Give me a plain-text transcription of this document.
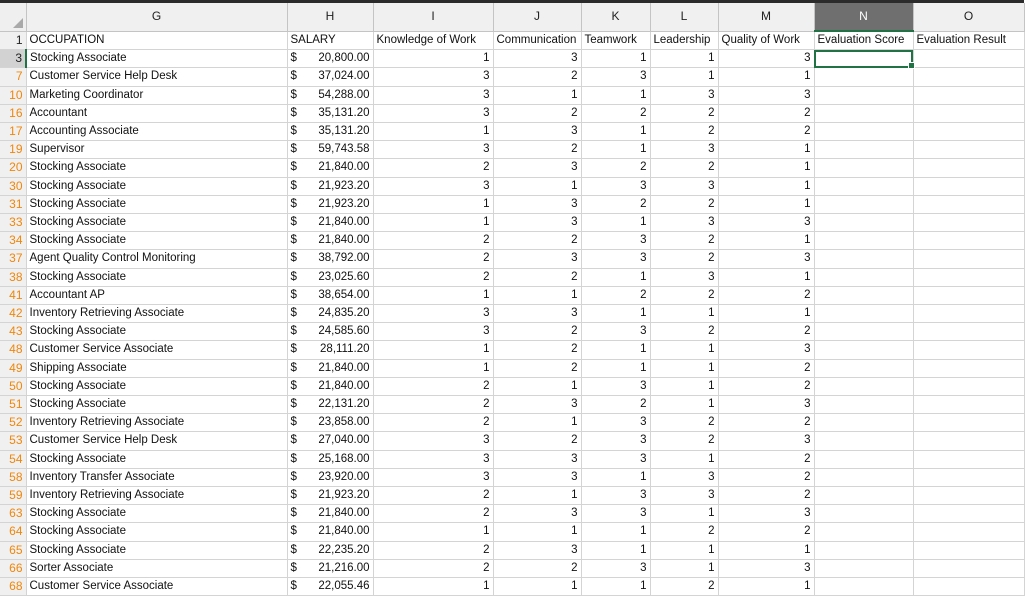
	G	H	I	J	K	L	M	N	O
1	OCCUPATION	SALARY	Knowledge of Work	Communication	Teamwork	Leadership	Quality of Work	Evaluation Score	Evaluation Result
3	Stocking Associate	$ 20,800.00	1	3	1	1	3	

7	Customer Service Help Desk	$ 37,024.00	3	2	3	1	1		
10	Marketing Coordinator	$ 54,288.00	3	1	1	3	3		
16	Accountant	$ 35,131.20	3	2	2	2	2		
17	Accounting Associate	$ 35,131.20	1	3	1	2	2		
19	Supervisor	$ 59,743.58	3	2	1	3	1		
20	Stocking Associate	$ 21,840.00	2	3	2	2	1		
30	Stocking Associate	$ 21,923.20	3	1	3	3	1		
31	Stocking Associate	$ 21,923.20	1	3	2	2	1		
33	Stocking Associate	$ 21,840.00	1	3	1	3	3		
34	Stocking Associate	$ 21,840.00	2	2	3	2	1		
37	Agent Quality Control Monitoring	$ 38,792.00	2	3	3	2	3		
38	Stocking Associate	$ 23,025.60	2	2	1	3	1		
41	Accountant AP	$ 38,654.00	1	1	2	2	2		
42	Inventory Retrieving Associate	$ 24,835.20	3	3	1	1	1		
43	Stocking Associate	$ 24,585.60	3	2	3	2	2		
48	Customer Service Associate	$ 28,111.20	1	2	1	1	3		
49	Shipping Associate	$ 21,840.00	1	2	1	1	2		
50	Stocking Associate	$ 21,840.00	2	1	3	1	2		
51	Stocking Associate	$ 22,131.20	2	3	2	1	3		
52	Inventory Retrieving Associate	$ 23,858.00	2	1	3	2	2		
53	Customer Service Help Desk	$ 27,040.00	3	2	3	2	3		
54	Stocking Associate	$ 25,168.00	3	3	3	1	2		
58	Inventory Transfer Associate	$ 23,920.00	3	3	1	3	2		
59	Inventory Retrieving Associate	$ 21,923.20	2	1	3	3	2		
63	Stocking Associate	$ 21,840.00	2	3	3	1	3		
64	Stocking Associate	$ 21,840.00	1	1	1	2	2		
65	Stocking Associate	$ 22,235.20	2	3	1	1	1		
66	Sorter Associate	$ 21,216.00	2	2	3	1	3		
68	Customer Service Associate	$ 22,055.46	1	1	1	2	1		
